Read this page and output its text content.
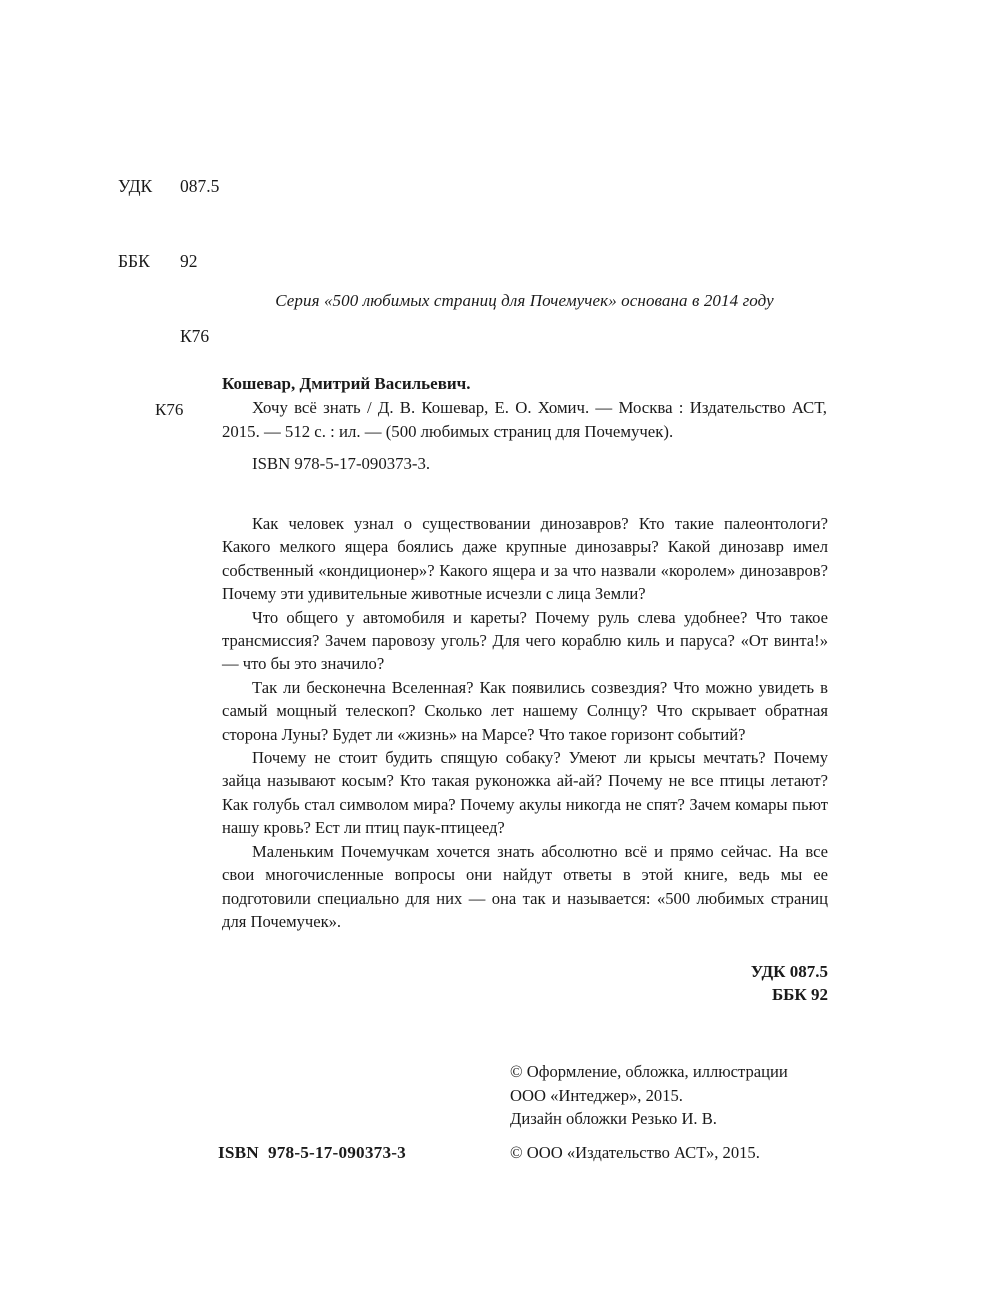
УДК 087.5

ББК 92

К76

Серия «500 любимых страниц для Почемучек» основана в 2014 году
К76

Кошевар, Дмитрий Васильевич.

Хочу всё знать / Д. В. Кошевар, Е. О. Хомич. — Москва : Издательство АСТ, 2015. — 512 с. : ил. — (500 любимых страниц для Почемучек).

ISBN 978-5-17-090373-3.

Как человек узнал о существовании динозавров? Кто такие палеонтологи? Какого мелкого ящера боялись даже крупные динозавры? Какой динозавр имел собственный «кондиционер»? Какого ящера и за что назвали «королем» динозавров? Почему эти удивительные животные исчезли с лица Земли?

Что общего у автомобиля и кареты? Почему руль слева удобнее? Что такое трансмиссия? Зачем паровозу уголь? Для чего кораблю киль и паруса? «От винта!» — что бы это значило?

Так ли бесконечна Вселенная? Как появились созвездия? Что можно увидеть в самый мощный телескоп? Сколько лет нашему Солнцу? Что скрывает обратная сторона Луны? Будет ли «жизнь» на Марсе? Что такое горизонт событий?

Почему не стоит будить спящую собаку? Умеют ли крысы мечтать? Почему зайца называют косым? Кто такая руконожка ай-ай? Почему не все птицы летают? Как голубь стал символом мира? Почему акулы никогда не спят? Зачем комары пьют нашу кровь? Ест ли птиц паук-птицеед?

Маленьким Почемучкам хочется знать абсолютно всё и прямо сейчас. На все свои многочисленные вопросы они найдут ответы в этой книге, ведь мы ее подготовили специально для них — она так и называется: «500 любимых страниц для Почемучек».

УДК 087.5
ББК 92
© Оформление, обложка, иллюстрации
ООО «Интеджер», 2015.
Дизайн обложки Резько И. В.
ISBN 978-5-17-090373-3	© ООО «Издательство АСТ», 2015.
